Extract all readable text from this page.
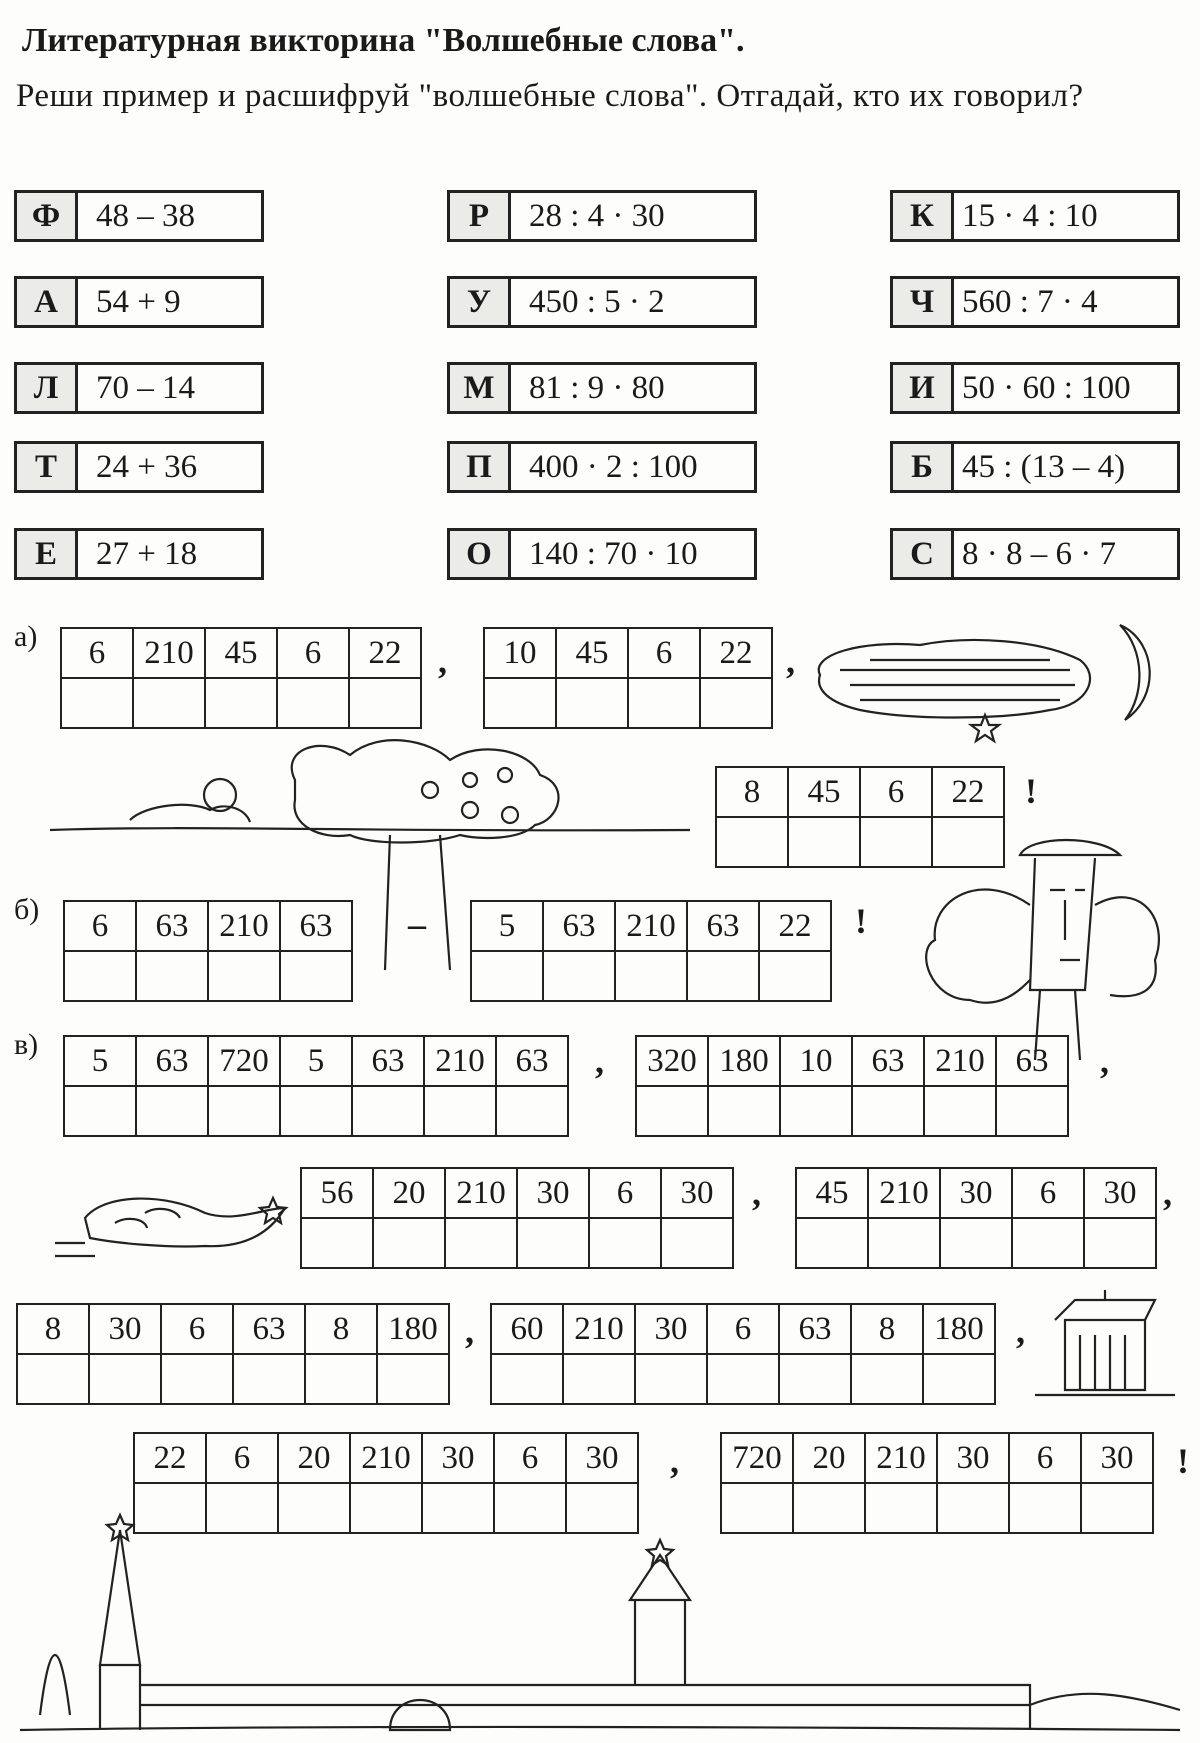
Литературная викторина "Волшебные слова".
Реши пример и расшифруй "волшебные слова". Отгадай, кто их говорил?
Ф	48 – 38
А	54 + 9
Л	70 – 14
Т	24 + 36
Е	27 + 18
Р	28 : 4 · 30
У	450 : 5 · 2
М	81 : 9 · 80
П	400 · 2 : 100
О	140 : 70 · 10
К 15 · 4 : 10
Ч 560 : 7 · 4
И 50 · 60 : 100
Б 45 : (13 – 4)
С 8 · 8 – 6 · 7
а)
б)
в)
6	210	45	6	22
					10	45	6	22

8	45	6	22

6	63	210	63
				5	63	210	63	22

5	63	720	5	63	210	63
							320	180	10	63	210	63

56	20	210	30	6	30
						45	210	30	6	30

8	30	6	63	8	180
					60	210	30	6	63	8	180

22	6	20	210	30	6	30
							720	20	210	30	6	30

,	,
!
–	!
,	,
,	,
,	,
,	!
